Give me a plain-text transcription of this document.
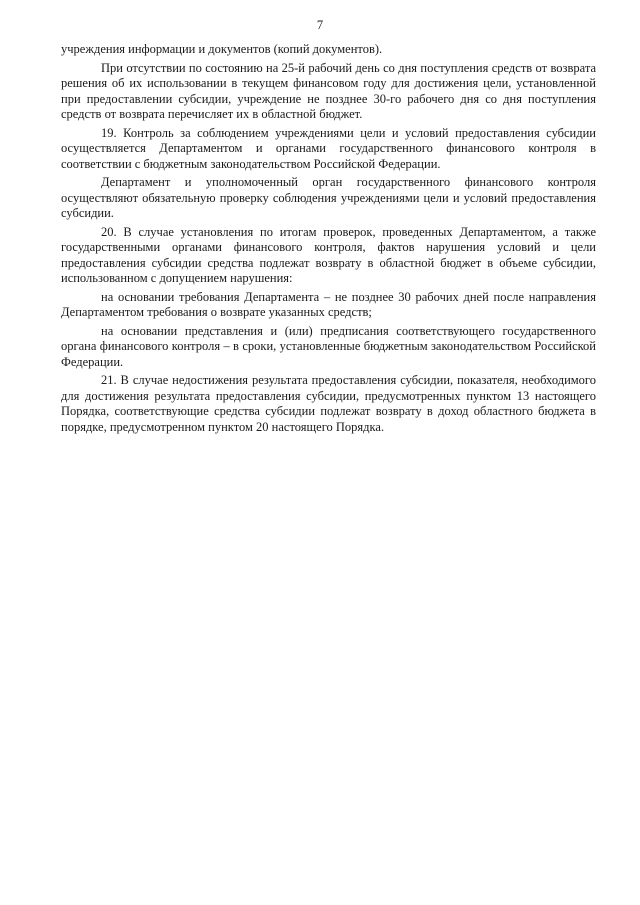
7

учреждения информации и документов (копий документов).

При отсутствии по состоянию на 25-й рабочий день со дня поступления средств от возврата решения об их использовании в текущем финансовом году для достижения цели, установленной при предоставлении субсидии, учреждение не позднее 30-го рабочего дня со дня поступления средств от возврата перечисляет их в областной бюджет.

19. Контроль за соблюдением учреждениями цели и условий предоставления субсидии осуществляется Департаментом и органами государственного финансового контроля в соответствии с бюджетным законодательством Российской Федерации.

Департамент и уполномоченный орган государственного финансового контроля осуществляют обязательную проверку соблюдения учреждениями цели и условий предоставления субсидии.

20. В случае установления по итогам проверок, проведенных Департаментом, а также государственными органами финансового контроля, фактов нарушения условий и цели предоставления субсидии средства подлежат возврату в областной бюджет в объеме субсидии, использованном с допущением нарушения:

на основании требования Департамента – не позднее 30 рабочих дней после направления Департаментом требования о возврате указанных средств;

на основании представления и (или) предписания соответствующего государственного органа финансового контроля – в сроки, установленные бюджетным законодательством Российской Федерации.

21. В случае недостижения результата предоставления субсидии, показателя, необходимого для достижения результата предоставления субсидии, предусмотренных пунктом 13 настоящего Порядка, соответствующие средства субсидии подлежат возврату в доход областного бюджета в порядке, предусмотренном пунктом 20 настоящего Порядка.
